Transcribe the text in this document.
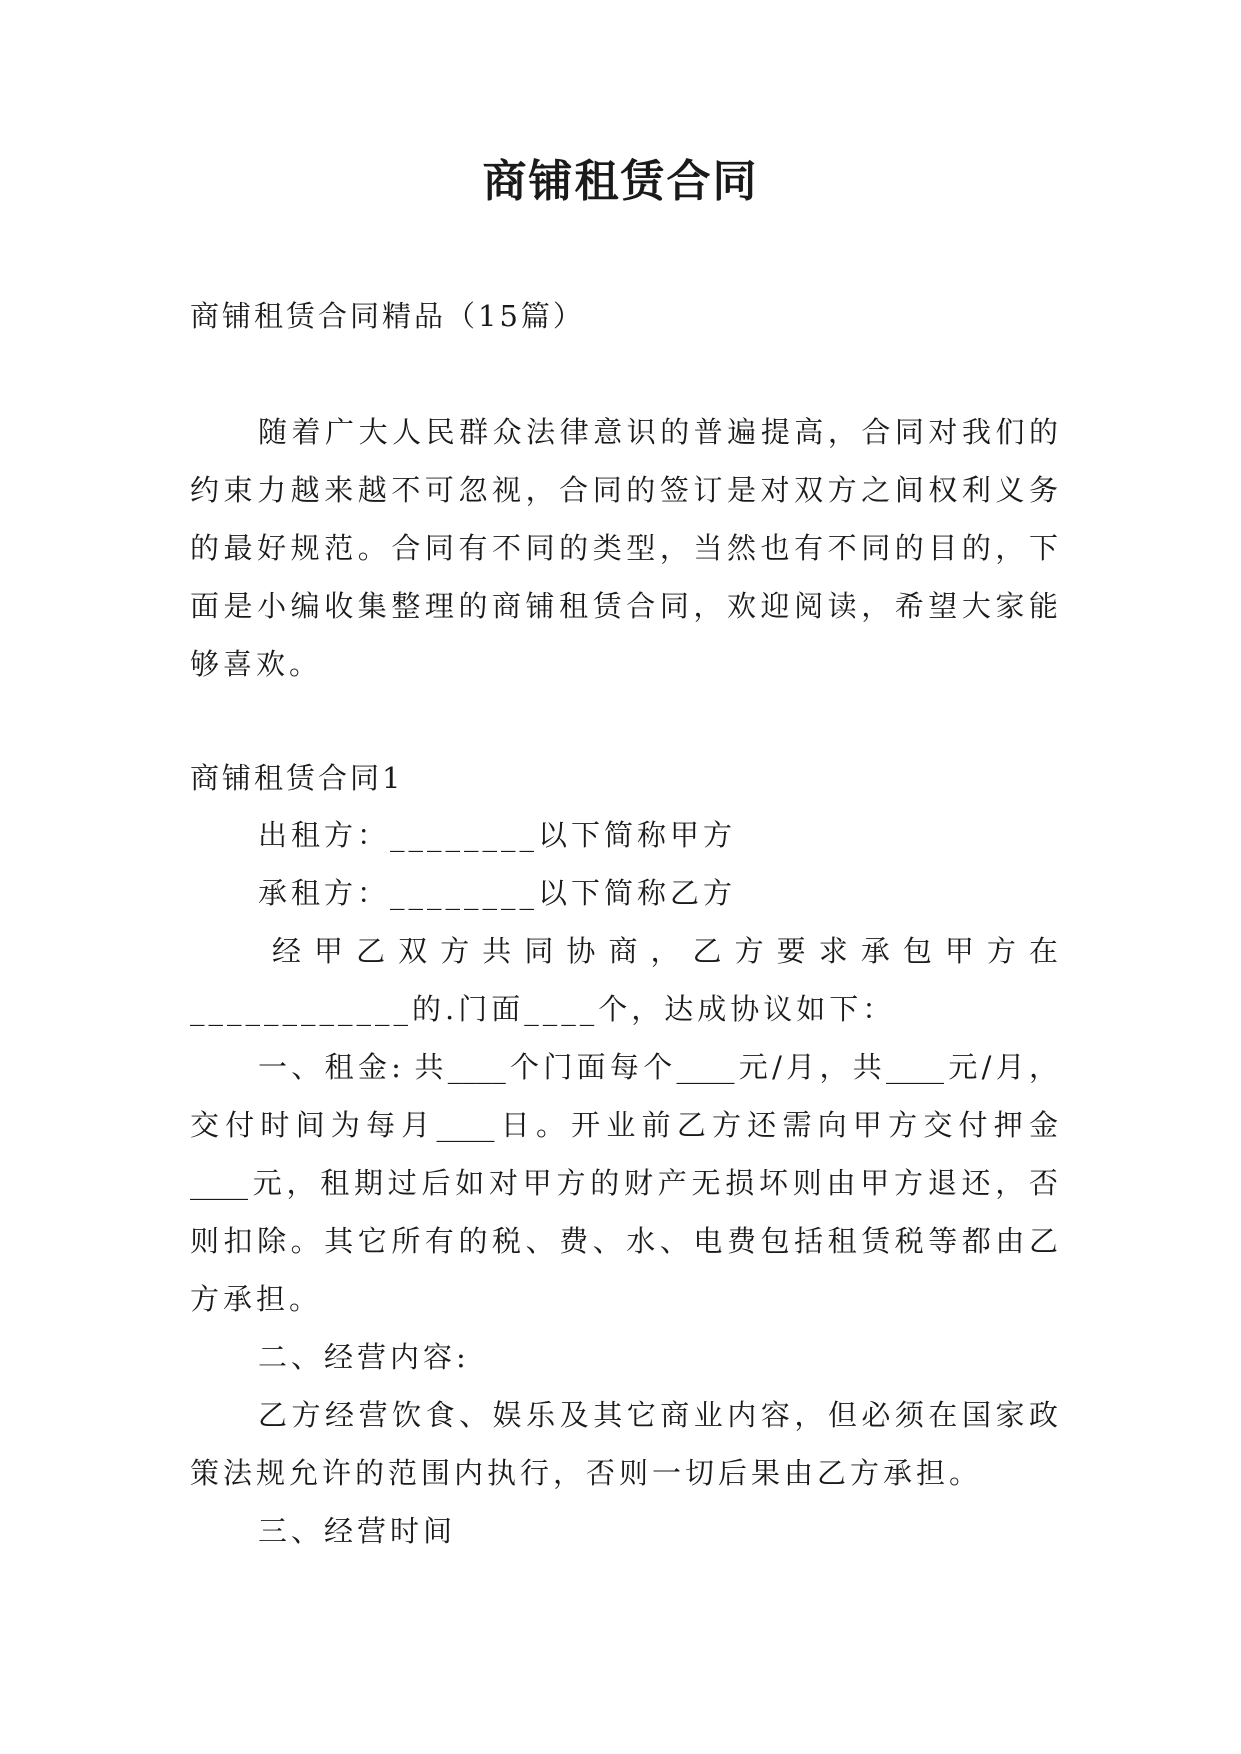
商铺租赁合同
商铺租赁合同精品（15篇）
随着广大人民群众法律意识的普遍提高，合同对我们的
约束力越来越不可忽视，合同的签订是对双方之间权利义务
的最好规范。合同有不同的类型，当然也有不同的目的，下
面是小编收集整理的商铺租赁合同，欢迎阅读，希望大家能
够喜欢。
商铺租赁合同1
出租方：________以下简称甲方
承租方：________以下简称乙方
经甲乙双方共同协商，乙方要求承包甲方在
____________的.门面____个，达成协议如下：
一、租金: 共____个门面每个____元/月，共____元/月，
交付时间为每月____日。开业前乙方还需向甲方交付押金
____元，租期过后如对甲方的财产无损坏则由甲方退还，否
则扣除。其它所有的税、费、水、电费包括租赁税等都由乙
方承担。
二、经营内容:
乙方经营饮食、娱乐及其它商业内容，但必须在国家政
策法规允许的范围内执行，否则一切后果由乙方承担。
三、经营时间
